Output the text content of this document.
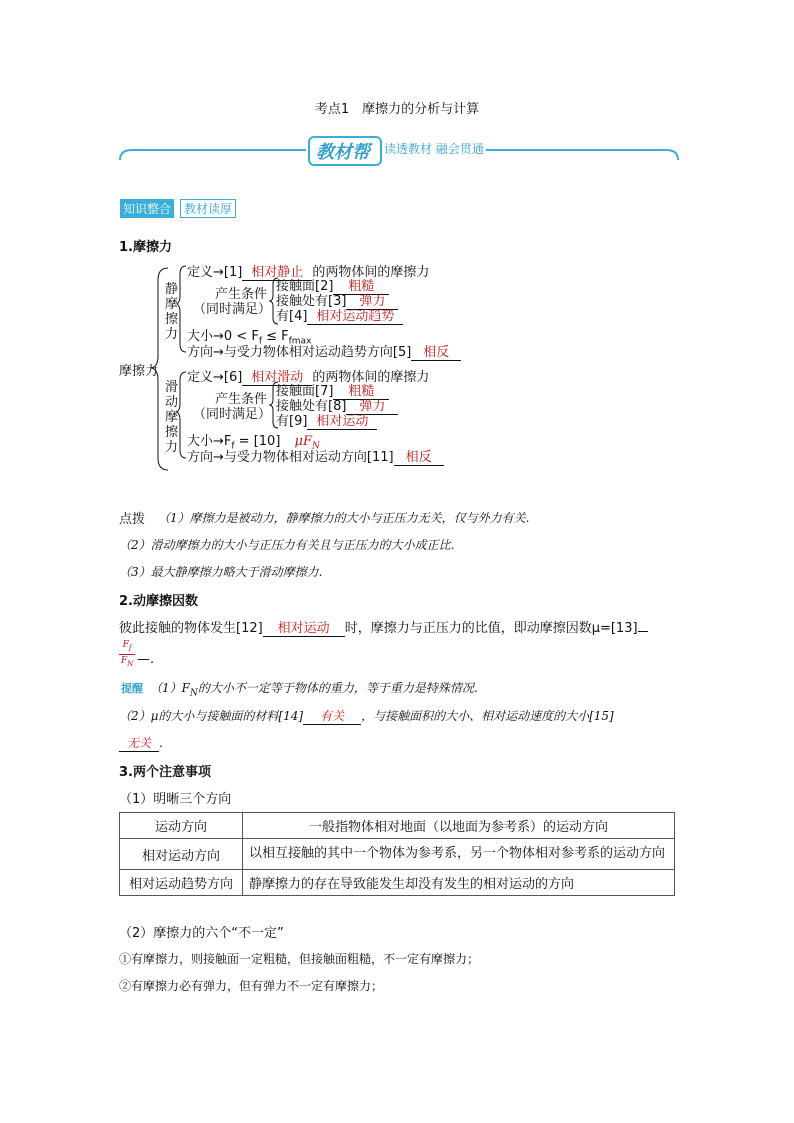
考点1　摩擦力的分析与计算
教材帮 读透教材 融会贯通
知识整合	教材读厚
1.摩擦力
摩擦力
静摩擦力
滑动摩擦力
定义→[1] 相对静止 的两物体间的摩擦力
产生条件
（同时满足）
接触面[2] 粗糙
接触处有[3] 弹力
有[4] 相对运动趋势
大小$\to 0 < F_f \le F_{fmax}$
方向→与受力物体相对运动趋势方向[5] 相反
定义→[6] 相对滑动 的两物体间的摩擦力
产生条件
（同时满足）
接触面[7] 粗糙
接触处有[8] 弹力
有[9] 相对运动
大小$\to F_f = [10]$ $\mu F_N$
方向→与受力物体相对运动方向[11] 相反
点拨 （1）摩擦力是被动力，静摩擦力的大小与正压力无关，仅与外力有关.
（2）滑动摩擦力的大小与正压力有关且与正压力的大小成正比.
（3）最大静摩擦力略大于滑动摩擦力.
2.动摩擦因数
彼此接触的物体发生[12] 相对运动 时，摩擦力与正压力的比值，即动摩擦因数μ=[13]
$F_f$
$F_N$ —.
提醒 $(1)F_N$的大小不一定等于物体的重力，等于重力是特殊情况.
（2）μ的大小与接触面的材料[14] 有关 ，与接触面积的大小、相对运动速度的大小[15]
无关 .
3.两个注意事项
（1）明晰三个方向
运动方向	一般指物体相对地面（以地面为参考系）的运动方向
相对运动方向	以相互接触的其中一个物体为参考系，另一个物体相对参考系的运动方向
相对运动趋势方向	静摩擦力的存在导致能发生却没有发生的相对运动的方向
（2）摩擦力的六个“不一定”
①有摩擦力，则接触面一定粗糙，但接触面粗糙，不一定有摩擦力；
②有摩擦力必有弹力，但有弹力不一定有摩擦力；
